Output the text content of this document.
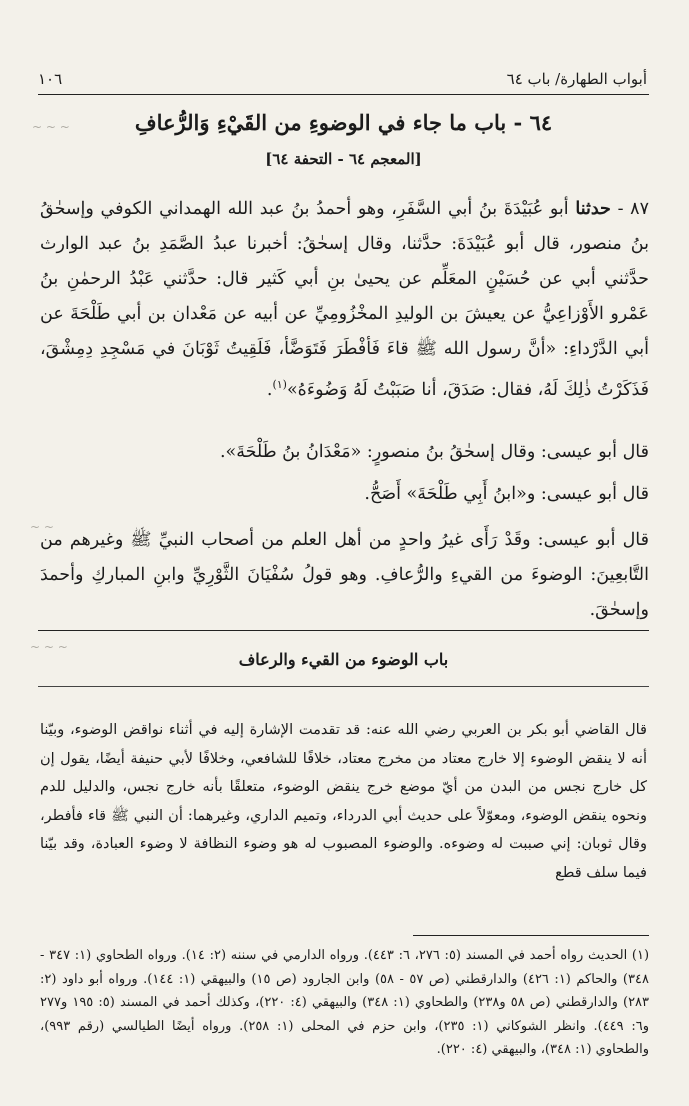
أبواب الطهارة/ باب ٦٤
١٠٦
٦٤ - باب ما جاء في الوضوءِ من القَيْءِ وَالرُّعافِ
[المعجم ٦٤ - التحفة ٦٤]

٨٧ - حدثنا أبو عُبَيْدَةَ بنُ أبي السَّفَرِ، وهو أحمدُ بنُ عبد الله الهمداني الكوفي وإسحٰقُ بنُ منصور، قال أبو عُبَيْدَةَ: حدَّثنا، وقال إسحٰقُ: أخبرنا عبدُ الصَّمَدِ بنُ عبد الوارث حدَّثني أبي عن حُسَيْنٍ المعَلِّم عن يحيىٰ بنِ أبي كَثير قال: حدَّثني عَبْدُ الرحمٰنِ بنُ عَمْرو الأَوْزاعِيُّ عن يعيشَ بن الوليدِ المخْزُومِيِّ عن أبيه عن مَعْدان بن أبي طَلْحَةَ عن أبي الدَّرْداءِ: «أنَّ رسول الله ﷺ قاءَ فَأفْطَرَ فَتَوَضَّأ، فَلَقِيتُ ثَوْبَانَ في مَسْجِدِ دِمِشْقَ، فَذَكَرْتُ ذٰلِكَ لَهُ، فقال: صَدَقَ، أنا صَبَبْتُ لَهُ وَضُوءَهُ»$^{(١)}$.

قال أبو عيسى: وقال إسحٰقُ بنُ منصورٍ: «مَعْدَانُ بنُ طَلْحَةَ».
قال أبو عيسى: و«ابنُ أَبِي طَلْحَةَ» أَصَحُّ.
قال أبو عيسى: وقَدْ رَأَى غيرُ واحدٍ من أهل العلم من أصحاب النبيِّ ﷺ وغيرهم من التَّابعِينَ: الوضوءَ من القيءِ والرُّعافِ. وهو قولُ سُفْيَانَ الثَّوْرِيِّ وابنِ المباركِ وأحمدَ وإسحٰقَ.
باب الوضوء من القيء والرعاف
قال القاضي أبو بكر بن العربي رضي الله عنه: قد تقدمت الإشارة إليه في أثناء نواقض الوضوء، وبيّنا أنه لا ينقض الوضوء إلا خارج معتاد من مخرج معتاد، خلافًا للشافعي، وخلافًا لأبي حنيفة أيضًا، يقول إن كل خارج نجس من البدن من أيّ موضع خرج ينقض الوضوء، متعلقًا بأنه خارج نجس، والدليل للدم ونحوه ينقض الوضوء، ومعوّلاً على حديث أبي الدرداء، وتميم الداري، وغيرهما: أن النبي ﷺ قاء فأفطر، وقال ثوبان: إني صببت له وضوءه. والوضوء المصبوب له هو وضوء النظافة لا وضوء العبادة، وقد بيّنا فيما سلف قطع

(١) الحديث رواه أحمد في المسند (٥: ٢٧٦، ٦: ٤٤٣). ورواه الدارمي في سننه (٢: ١٤). ورواه الطحاوي (١: ٣٤٧ - ٣٤٨) والحاكم (١: ٤٢٦) والدارقطني (ص ٥٧ - ٥٨) وابن الجارود (ص ١٥) والبيهقي (١: ١٤٤). ورواه أبو داود (٢: ٢٨٣) والدارقطني (ص ٥٨ و٢٣٨) والطحاوي (١: ٣٤٨) والبيهقي (٤: ٢٢٠)، وكذلك أحمد في المسند (٥: ١٩٥ و٢٧٧ و٦: ٤٤٩). وانظر الشوكاني (١: ٢٣٥)، وابن حزم في المحلى (١: ٢٥٨). ورواه أيضًا الطيالسي (رقم ٩٩٣)، والطحاوي (١: ٣٤٨)، والبيهقي (٤: ٢٢٠).

~ ~ ~
~ ~
~ ~ ~
